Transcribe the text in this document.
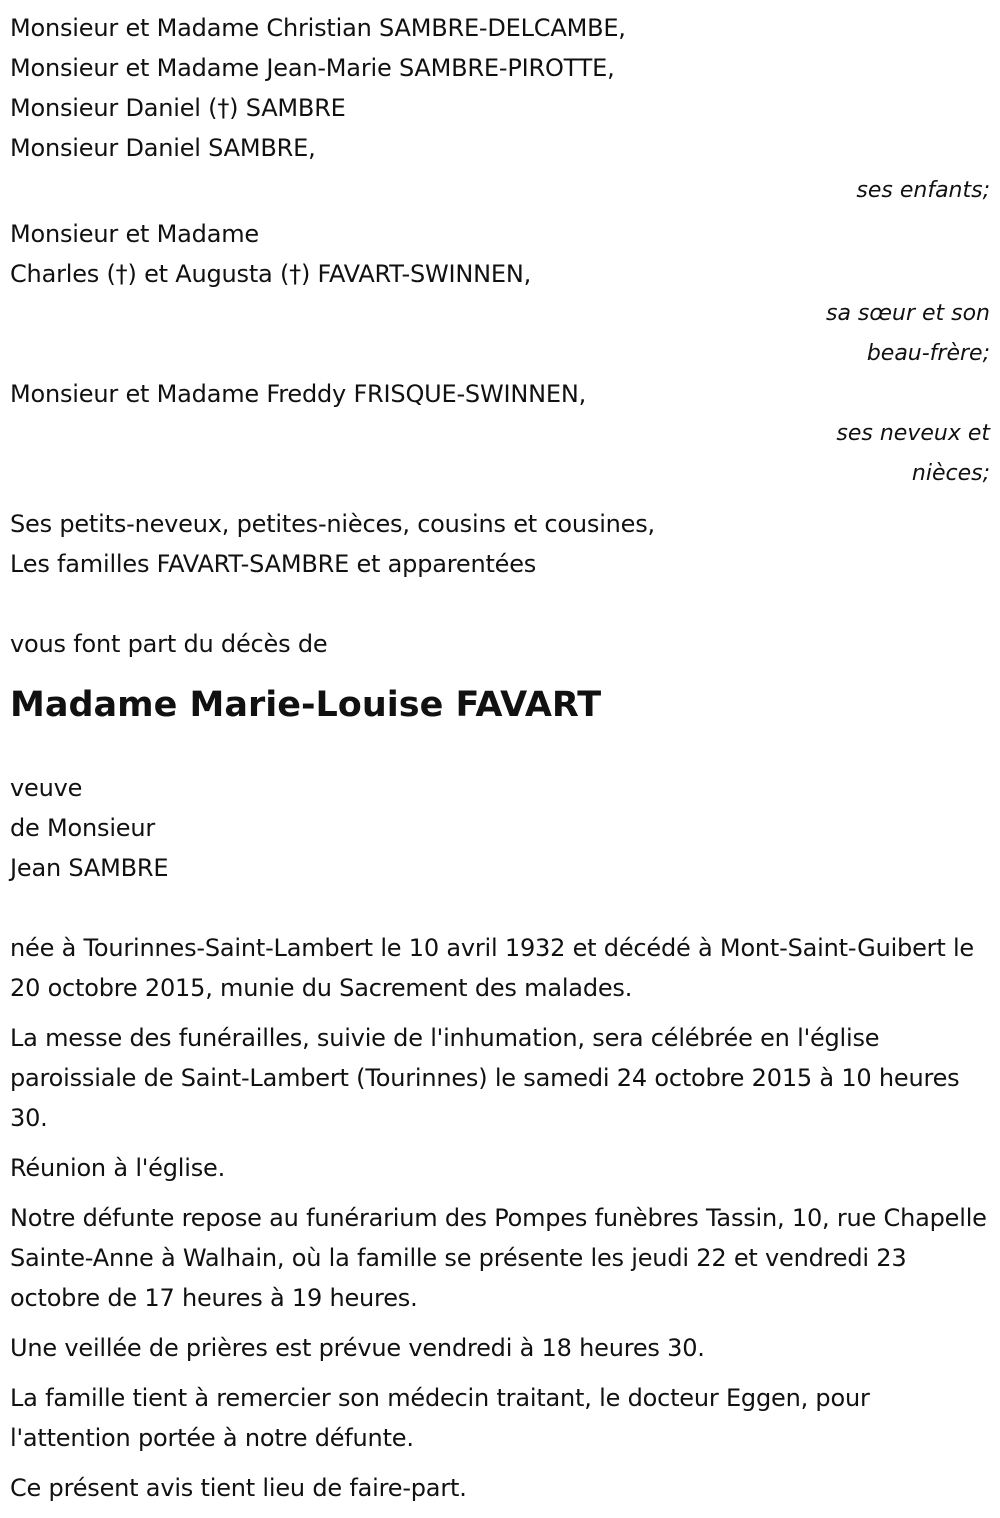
Monsieur et Madame Christian SAMBRE-DELCAMBE,
Monsieur et Madame Jean-Marie SAMBRE-PIROTTE,
Monsieur Daniel (†) SAMBRE
Monsieur Daniel SAMBRE,
ses enfants;
Monsieur et Madame
Charles (†) et Augusta (†) FAVART-SWINNEN,
sa sœur et son
beau-frère;
Monsieur et Madame Freddy FRISQUE-SWINNEN,
ses neveux et
nièces;
Ses petits-neveux, petites-nièces, cousins et cousines,
Les familles FAVART-SAMBRE et apparentées
vous font part du décès de
Madame Marie-Louise FAVART
veuve
de Monsieur
Jean SAMBRE
née à Tourinnes-Saint-Lambert le 10 avril 1932 et décédé à Mont-Saint-Guibert le 20 octobre 2015, munie du Sacrement des malades.
La messe des funérailles, suivie de l'inhumation, sera célébrée en l'église paroissiale de Saint-Lambert (Tourinnes) le samedi 24 octobre 2015 à 10 heures 30.
Réunion à l'église.
Notre défunte repose au funérarium des Pompes funèbres Tassin, 10, rue Chapelle Sainte-Anne à Walhain, où la famille se présente les jeudi 22 et vendredi 23 octobre de 17 heures à 19 heures.
Une veillée de prières est prévue vendredi à 18 heures 30.
La famille tient à remercier son médecin traitant, le docteur Eggen, pour l'attention portée à notre défunte.
Ce présent avis tient lieu de faire-part.
